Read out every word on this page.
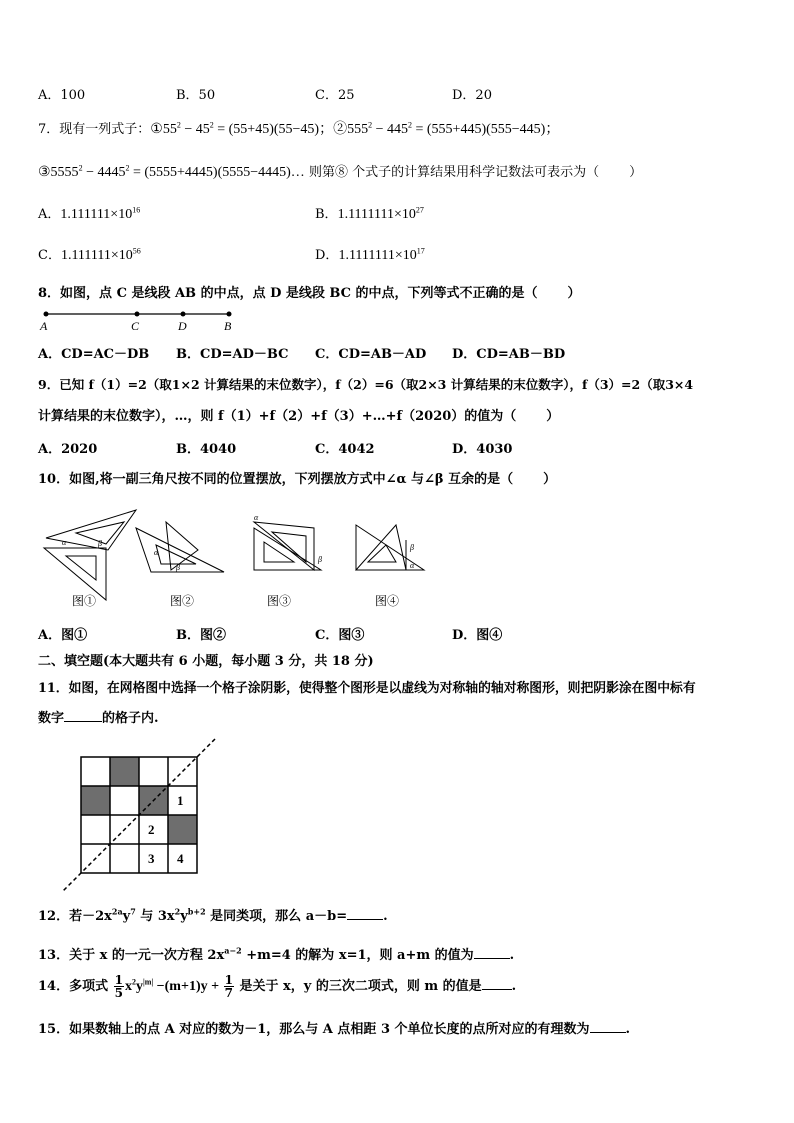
A．100	B．50	C．25	D．20
7．现有一列式子：$①55^2 - 45^2 = (55+45)(55-45)$；$②555^2 - 445^2 = (555+445)(555-445)$；
$③5555^2 - 4445^2$ = (5555+4445)(5555−4445)… 则第⑧ 个式子的计算结果用科学记数法可表示为（ ）
A．$1.111111\times 10^{16}$	B．$1.1111111\times 10^{27}$
C．$1.111111\times 10^{56}$	D．$1.1111111\times 10^{17}$
8．如图，点 C 是线段 AB 的中点，点 D 是线段 BC 的中点，下列等式不正确的是（ ）
A	C	D	B
A．CD=AC－DB B．CD=AD－BC C．CD=AB－AD D．CD=AB－BD
9．已知 f（1）=2（取1×2 计算结果的末位数字），f（2）=6（取2×3 计算结果的末位数字），f（3）=2（取3×4
计算结果的末位数字），…，则 f（1）+f（2）+f（3）+…+f（2020）的值为（ ）
A．2020	B．4040	C．4042	D．4030
10．如图,将一副三角尺按不同的位置摆放，下列摆放方式中∠α 与∠β 互余的是（ ）
α	β
α
β
α
β
β
α
图①	图②	图③	图④
A．图①	B．图②	C．图③	D．图④
二、填空题(本大题共有 6 小题，每小题 3 分，共 18 分)
11．如图，在网格图中选择一个格子涂阴影，使得整个图形是以虚线为对称轴的轴对称图形，则把阴影涂在图中标有
数字	的格子内.
1
2
3 4
12．若$-2x^{2a}y^7$ 与 $3x^2y^{b+2}$ 是同类项，那么 a－b=	.
13．关于 x 的一元一次方程 $2x^{a-2} +m=4$ 的解为 x=1，则 a+m 的值为	.
14．多项式 $\frac{1}{5} x^2y^{|m|} -(m+1)y + \frac{1}{7}$ 是关于 x，y 的三次二项式，则 m 的值是 .
15．如果数轴上的点 A 对应的数为－1，那么与 A 点相距 3 个单位长度的点所对应的有理数为	.
